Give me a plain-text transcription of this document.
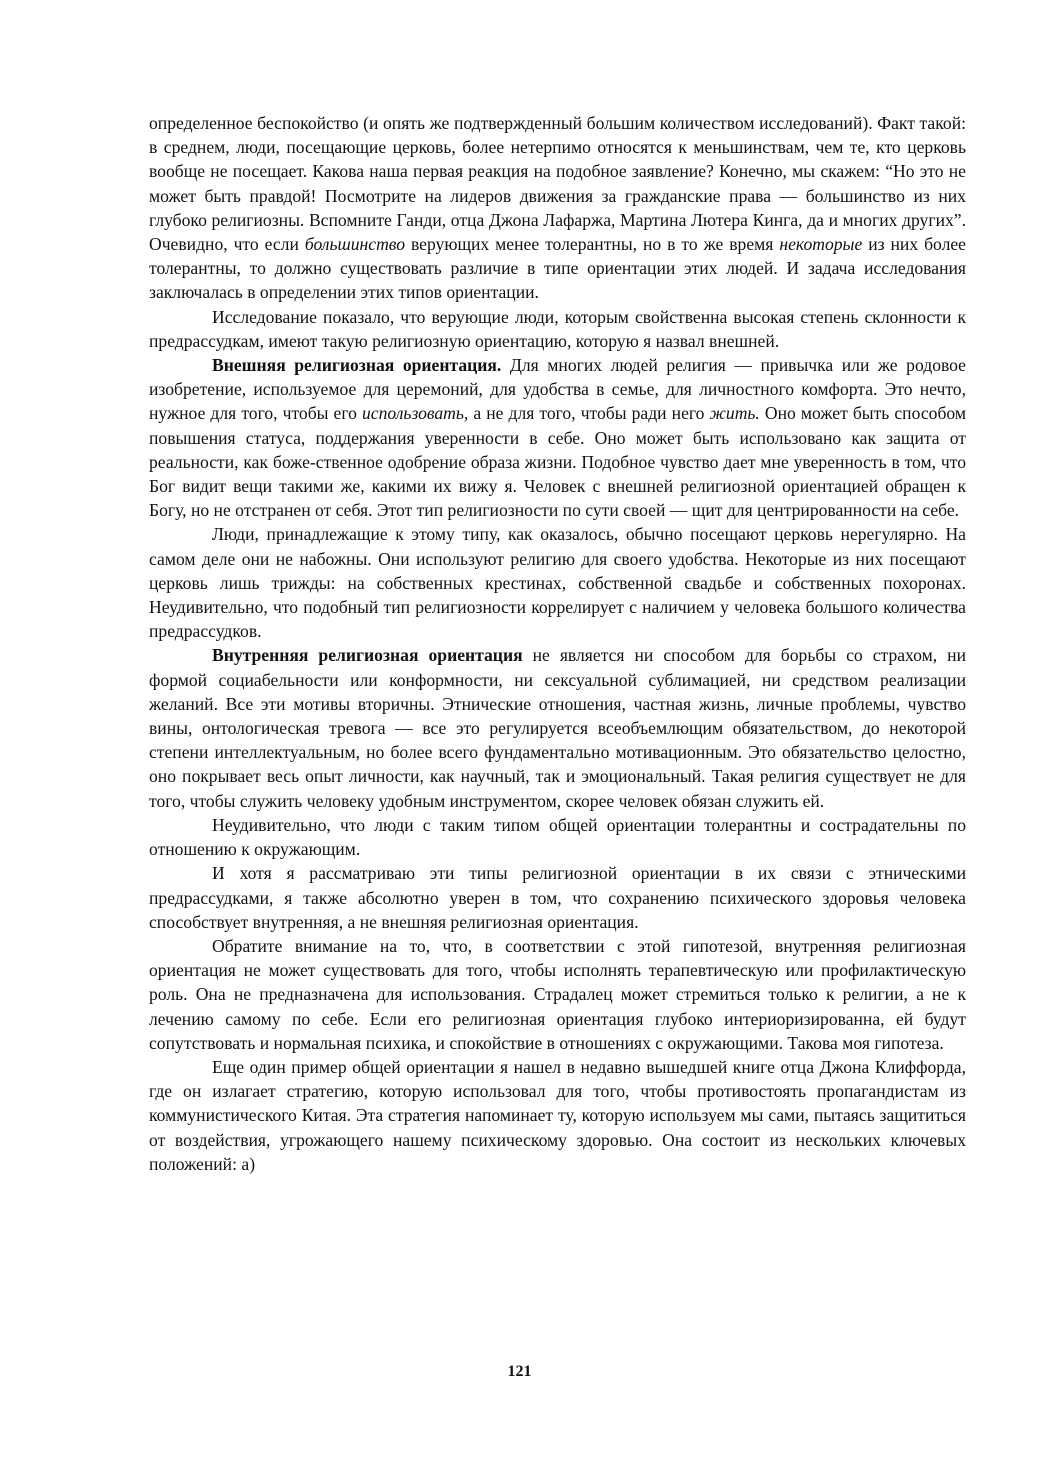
определенное беспокойство (и опять же подтвержденный большим количеством исследований). Факт такой: в среднем, люди, посещающие церковь, более нетерпимо относятся к меньшинствам, чем те, кто церковь вообще не посещает. Какова наша первая реакция на подобное заявление? Конечно, мы скажем: “Но это не может быть правдой! Посмотрите на лидеров движения за гражданские права — большинство из них глубоко религиозны. Вспомните Ганди, отца Джона Лафаржа, Мартина Лютера Кинга, да и многих других”. Очевидно, что если большинство верующих менее толерантны, но в то же время некоторые из них более толерантны, то должно существовать различие в типе ориентации этих людей. И задача исследования заключалась в определении этих типов ориентации.

Исследование показало, что верующие люди, которым свойственна высокая степень склонности к предрассудкам, имеют такую религиозную ориентацию, которую я назвал внешней.

Внешняя религиозная ориентация. Для многих людей религия — привычка или же родовое изобретение, используемое для церемоний, для удобства в семье, для личностного комфорта. Это нечто, нужное для того, чтобы его использовать, а не для того, чтобы ради него жить. Оно может быть способом повышения статуса, поддержания уверенности в себе. Оно может быть использовано как защита от реальности, как боже-ственное одобрение образа жизни. Подобное чувство дает мне уверенность в том, что Бог видит вещи такими же, какими их вижу я. Человек с внешней религиозной ориентацией обращен к Богу, но не отстранен от себя. Этот тип религиозности по сути своей — щит для центрированности на себе.

Люди, принадлежащие к этому типу, как оказалось, обычно посещают церковь нерегулярно. На самом деле они не набожны. Они используют религию для своего удобства. Некоторые из них посещают церковь лишь трижды: на собственных крестинах, собственной свадьбе и собственных похоронах. Неудивительно, что подобный тип религиозности коррелирует с наличием у человека большого количества предрассудков.

Внутренняя религиозная ориентация не является ни способом для борьбы со страхом, ни формой социабельности или конформности, ни сексуальной сублимацией, ни средством реализации желаний. Все эти мотивы вторичны. Этнические отношения, частная жизнь, личные проблемы, чувство вины, онтологическая тревога — все это регулируется всеобъемлющим обязательством, до некоторой степени интеллектуальным, но более всего фундаментально мотивационным. Это обязательство целостно, оно покрывает весь опыт личности, как научный, так и эмоциональный. Такая религия существует не для того, чтобы служить человеку удобным инструментом, скорее человек обязан служить ей.

Неудивительно, что люди с таким типом общей ориентации толерантны и сострадательны по отношению к окружающим.

И хотя я рассматриваю эти типы религиозной ориентации в их связи с этническими предрассудками, я также абсолютно уверен в том, что сохранению психического здоровья человека способствует внутренняя, а не внешняя религиозная ориентация.

Обратите внимание на то, что, в соответствии с этой гипотезой, внутренняя религиозная ориентация не может существовать для того, чтобы исполнять терапевтическую или профилактическую роль. Она не предназначена для использования. Страдалец может стремиться только к религии, а не к лечению самому по себе. Если его религиозная ориентация глубоко интериоризированна, ей будут сопутствовать и нормальная психика, и спокойствие в отношениях с окружающими. Такова моя гипотеза.

Еще один пример общей ориентации я нашел в недавно вышедшей книге отца Джона Клиффорда, где он излагает стратегию, которую использовал для того, чтобы противостоять пропагандистам из коммунистического Китая. Эта стратегия напоминает ту, которую используем мы сами, пытаясь защититься от воздействия, угрожающего нашему психическому здоровью. Она состоит из нескольких ключевых положений: а)

121
